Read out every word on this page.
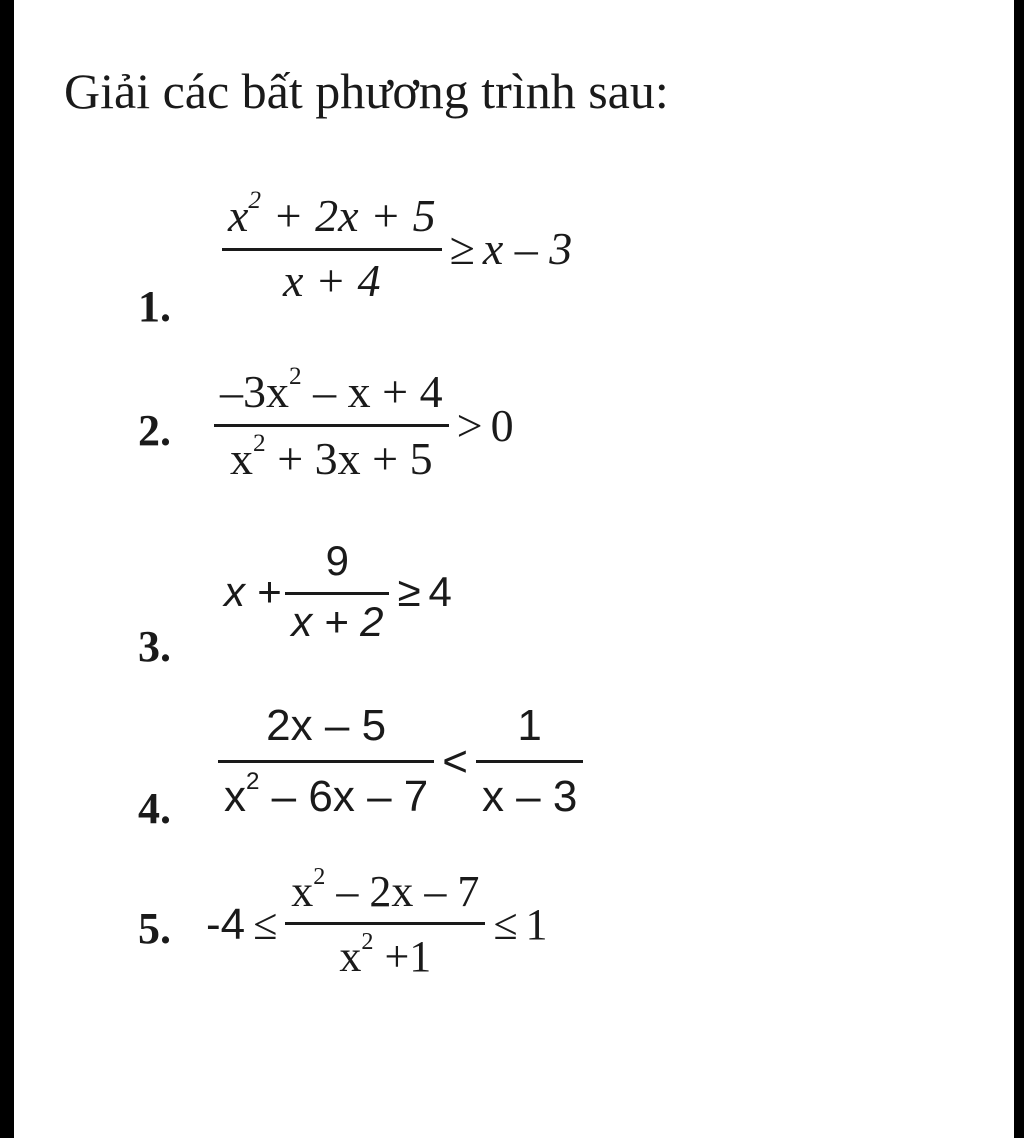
Giải các bất phương trình sau:
1. $\frac{x^2 + 2x + 5}{x + 4} \ge x - 3$
2. $\frac{-3x^2 - x + 4}{x^2 + 3x + 5} > 0$
3.
$x + \frac{9}{x + 2} \ge 4$
4. $\frac{2x - 5}{x^2 - 6x - 7} < \frac{1}{x - 3}$
5. $-4 \le \frac{x^2 - 2x - 7}{x^2 +1} \le 1$
